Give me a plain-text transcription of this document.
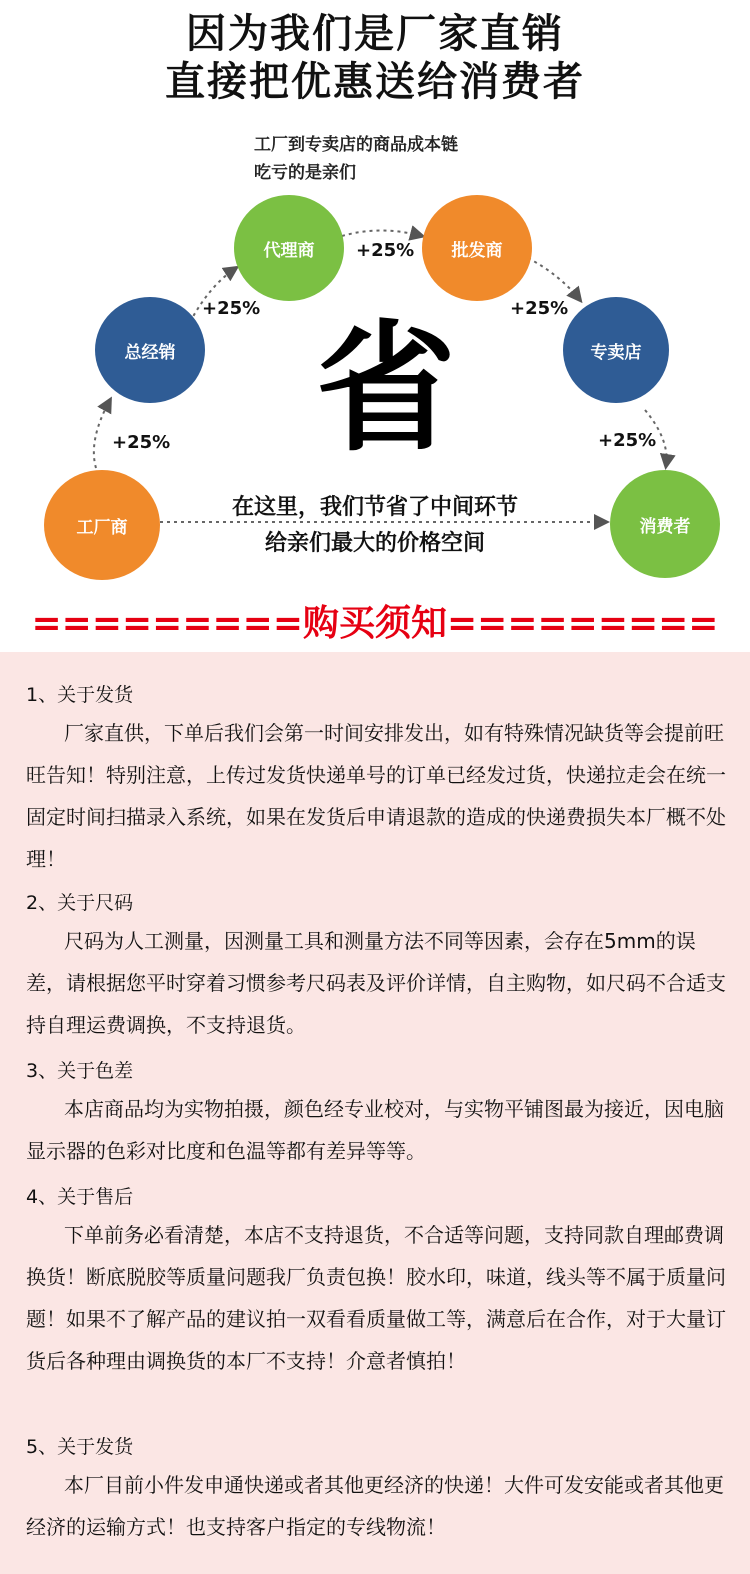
因为我们是厂家直销
直接把优惠送给消费者
工厂到专卖店的商品成本链
吃亏的是亲们
工厂商
总经销
代理商	批发商
专卖店
消费者
+25%
+25%
+25%
+25%
+25%
省
在这里，我们节省了中间环节
给亲们最大的价格空间
=========购买须知=========
1、关于发货
厂家直供，下单后我们会第一时间安排发出，如有特殊情况缺货等会提前旺旺告知！特别注意，上传过发货快递单号的订单已经发过货，快递拉走会在统一固定时间扫描录入系统，如果在发货后申请退款的造成的快递费损失本厂概不处理！
2、关于尺码
尺码为人工测量，因测量工具和测量方法不同等因素，会存在5mm的误差，请根据您平时穿着习惯参考尺码表及评价详情，自主购物，如尺码不合适支持自理运费调换，不支持退货。
3、关于色差
本店商品均为实物拍摄，颜色经专业校对，与实物平铺图最为接近，因电脑显示器的色彩对比度和色温等都有差异等等。
4、关于售后
下单前务必看清楚，本店不支持退货，不合适等问题，支持同款自理邮费调换货！断底脱胶等质量问题我厂负责包换！胶水印，味道，线头等不属于质量问题！如果不了解产品的建议拍一双看看质量做工等，满意后在合作，对于大量订货后各种理由调换货的本厂不支持！介意者慎拍！
5、关于发货
本厂目前小件发申通快递或者其他更经济的快递！大件可发安能或者其他更经济的运输方式！也支持客户指定的专线物流！
